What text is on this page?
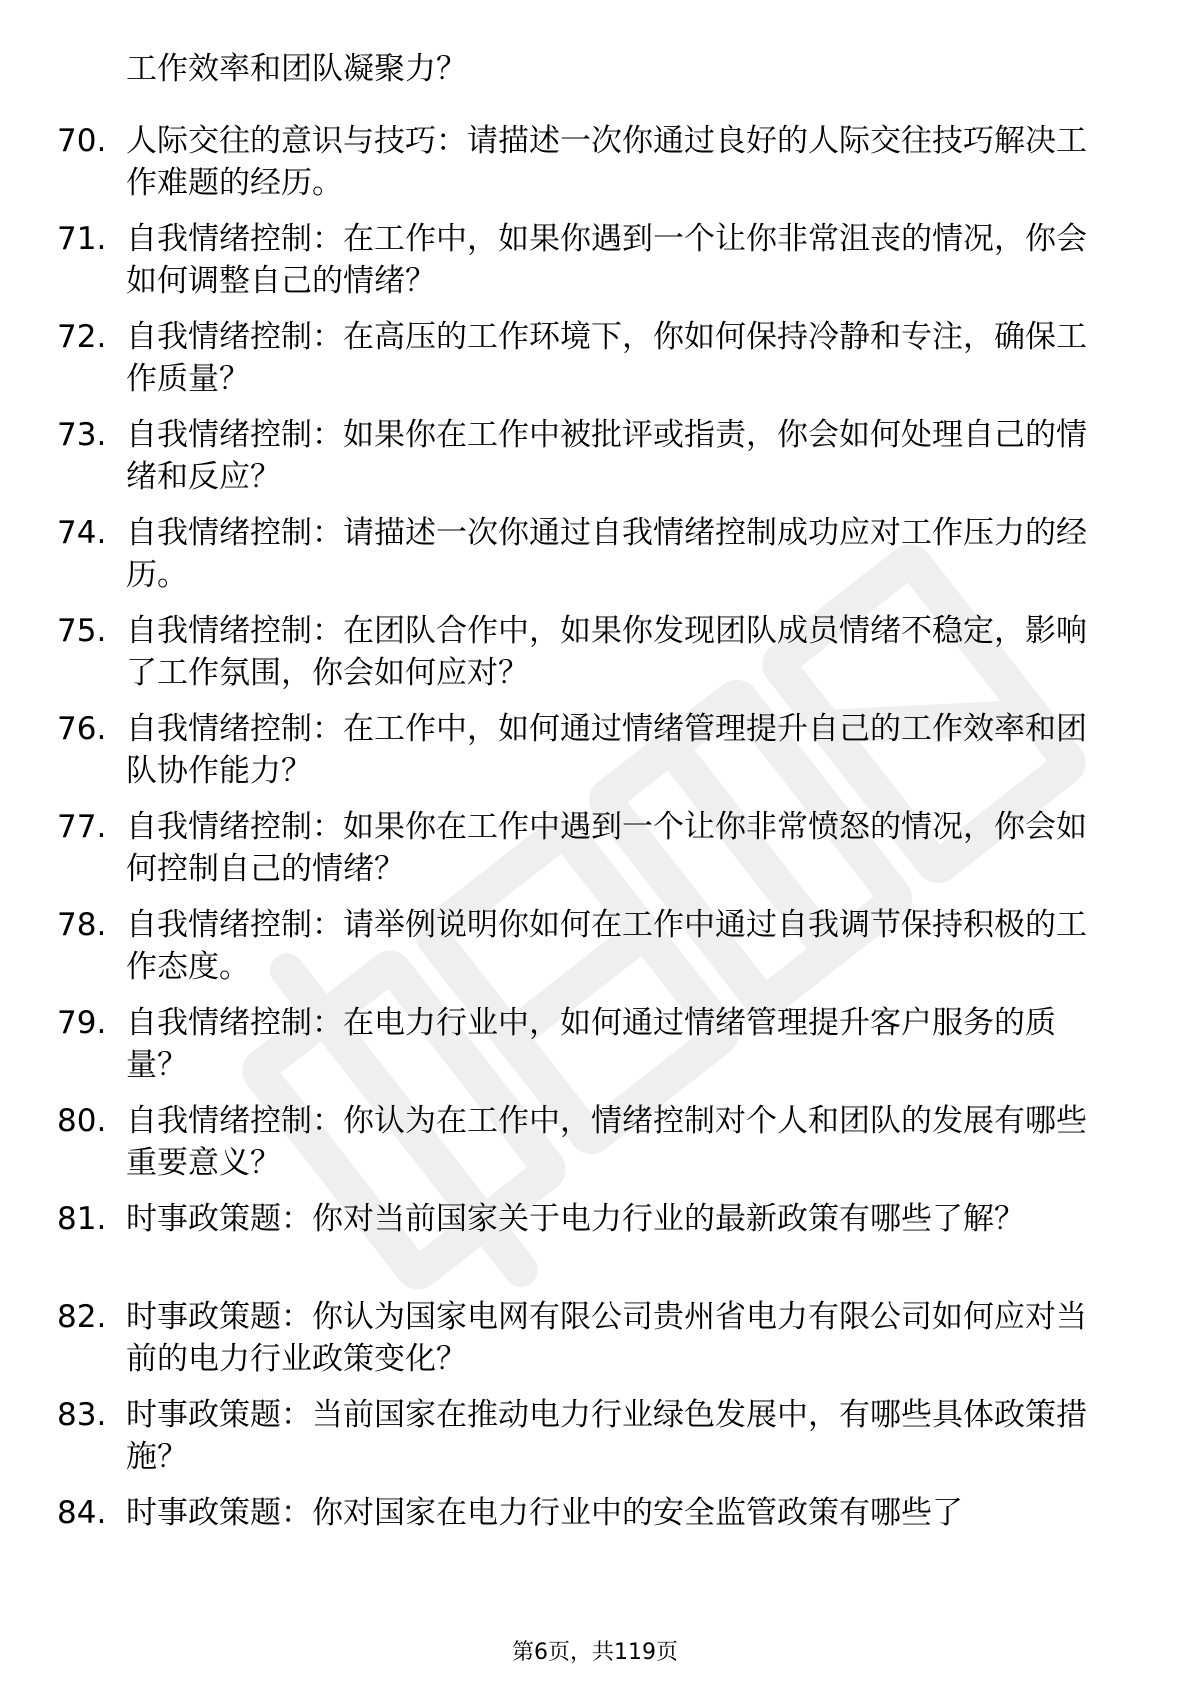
工作效率和团队凝聚力？
70. 人际交往的意识与技巧：请描述一次你通过良好的人际交往技巧解决工作难题的经历。
71. 自我情绪控制：在工作中，如果你遇到一个让你非常沮丧的情况，你会如何调整自己的情绪？
72. 自我情绪控制：在高压的工作环境下，你如何保持冷静和专注，确保工作质量？
73. 自我情绪控制：如果你在工作中被批评或指责，你会如何处理自己的情绪和反应？
74. 自我情绪控制：请描述一次你通过自我情绪控制成功应对工作压力的经历。
75. 自我情绪控制：在团队合作中，如果你发现团队成员情绪不稳定，影响了工作氛围，你会如何应对？
76. 自我情绪控制：在工作中，如何通过情绪管理提升自己的工作效率和团队协作能力？
77. 自我情绪控制：如果你在工作中遇到一个让你非常愤怒的情况，你会如何控制自己的情绪？
78. 自我情绪控制：请举例说明你如何在工作中通过自我调节保持积极的工作态度。
79. 自我情绪控制：在电力行业中，如何通过情绪管理提升客户服务的质量？
80. 自我情绪控制：你认为在工作中，情绪控制对个人和团队的发展有哪些重要意义？
81. 时事政策题：你对当前国家关于电力行业的最新政策有哪些了解？
82. 时事政策题：你认为国家电网有限公司贵州省电力有限公司如何应对当前的电力行业政策变化？
83. 时事政策题：当前国家在推动电力行业绿色发展中，有哪些具体政策措施？
84. 时事政策题：你对国家在电力行业中的安全监管政策有哪些了
第6页，共119页
